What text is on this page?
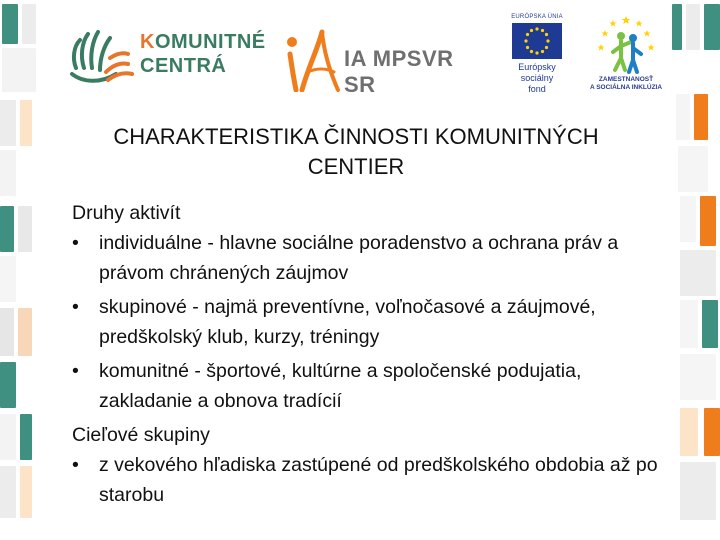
KOMUNITNÉ
CENTRÁ	IA MPSVR SR
EURÓPSKA ÚNIA
Európsky
sociálny
fond
ZAMESTNANOSŤ
A SOCIÁLNA INKLÚZIA
CHARAKTERISTIKA ČINNOSTI KOMUNITNÝCH CENTIER
Druhy aktivít
• individuálne - hlavne sociálne poradenstvo a ochrana práv a právom chránených záujmov
• skupinové - najmä preventívne, voľnočasové a záujmové, predškolský klub, kurzy, tréningy
• komunitné - športové, kultúrne a spoločenské podujatia, zakladanie a obnova tradícií
Cieľové skupiny
• z vekového hľadiska zastúpené od predškolského obdobia až po starobu
